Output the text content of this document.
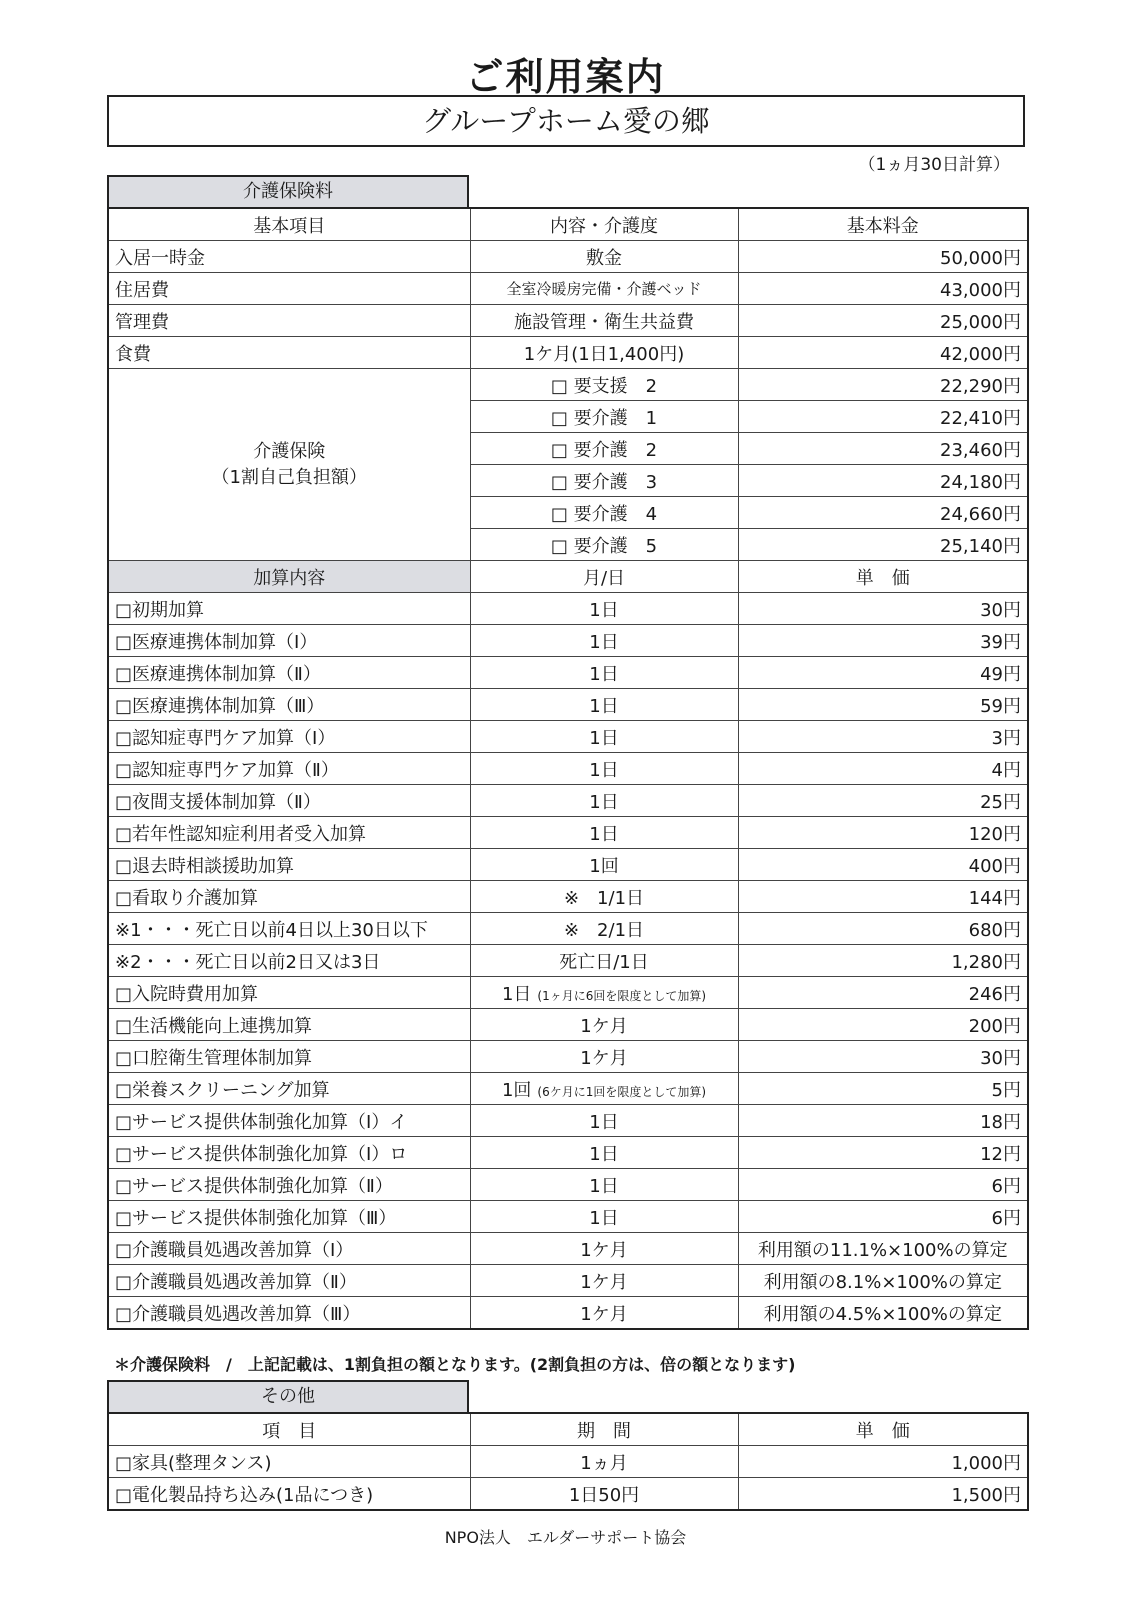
ご利用案内
グループホーム愛の郷
（1ヵ月30日計算）
介護保険料
基本項目	内容・介護度	基本料金
入居一時金	敷金	50,000円
住居費	全室冷暖房完備・介護ベッド	43,000円
管理費	施設管理・衛生共益費	25,000円
食費	1ケ月(1日1,400円)	42,000円

介護保険
（1割自己負担額）	□ 要支援　2	22,290円
	□ 要介護　1	22,410円
	□ 要介護　2	23,460円
	□ 要介護　3	24,180円
	□ 要介護　4	24,660円
	□ 要介護　5	25,140円
加算内容	月/日	単　価
□初期加算	1日	30円
□医療連携体制加算（Ⅰ）	1日	39円
□医療連携体制加算（Ⅱ）	1日	49円
□医療連携体制加算（Ⅲ）	1日	59円
□認知症専門ケア加算（Ⅰ）	1日	3円
□認知症専門ケア加算（Ⅱ）	1日	4円
□夜間支援体制加算（Ⅱ）	1日	25円
□若年性認知症利用者受入加算	1日	120円
□退去時相談援助加算	1回	400円
□看取り介護加算	※　1/1日	144円
※1・・・死亡日以前4日以上30日以下	※　2/1日	680円
※2・・・死亡日以前2日又は3日	死亡日/1日	1,280円
□入院時費用加算	1日 (1ヶ月に6回を限度として加算)	246円
□生活機能向上連携加算	1ケ月	200円
□口腔衛生管理体制加算	1ケ月	30円
□栄養スクリーニング加算	1回 (6ケ月に1回を限度として加算)	5円
□サービス提供体制強化加算（Ⅰ）イ	1日	18円
□サービス提供体制強化加算（Ⅰ）ロ	1日	12円
□サービス提供体制強化加算（Ⅱ）	1日	6円
□サービス提供体制強化加算（Ⅲ）	1日	6円
□介護職員処遇改善加算（Ⅰ）	1ケ月	利用額の11.1%×100%の算定
□介護職員処遇改善加算（Ⅱ）	1ケ月	利用額の8.1%×100%の算定
□介護職員処遇改善加算（Ⅲ）	1ケ月	利用額の4.5%×100%の算定
＊介護保険料　/　上記記載は、1割負担の額となります。(2割負担の方は、倍の額となります)
その他
項　目	期　間	単　価
□家具(整理タンス)	1ヵ月	1,000円
□電化製品持ち込み(1品につき)	1日50円	1,500円
NPO法人　エルダーサポート協会
